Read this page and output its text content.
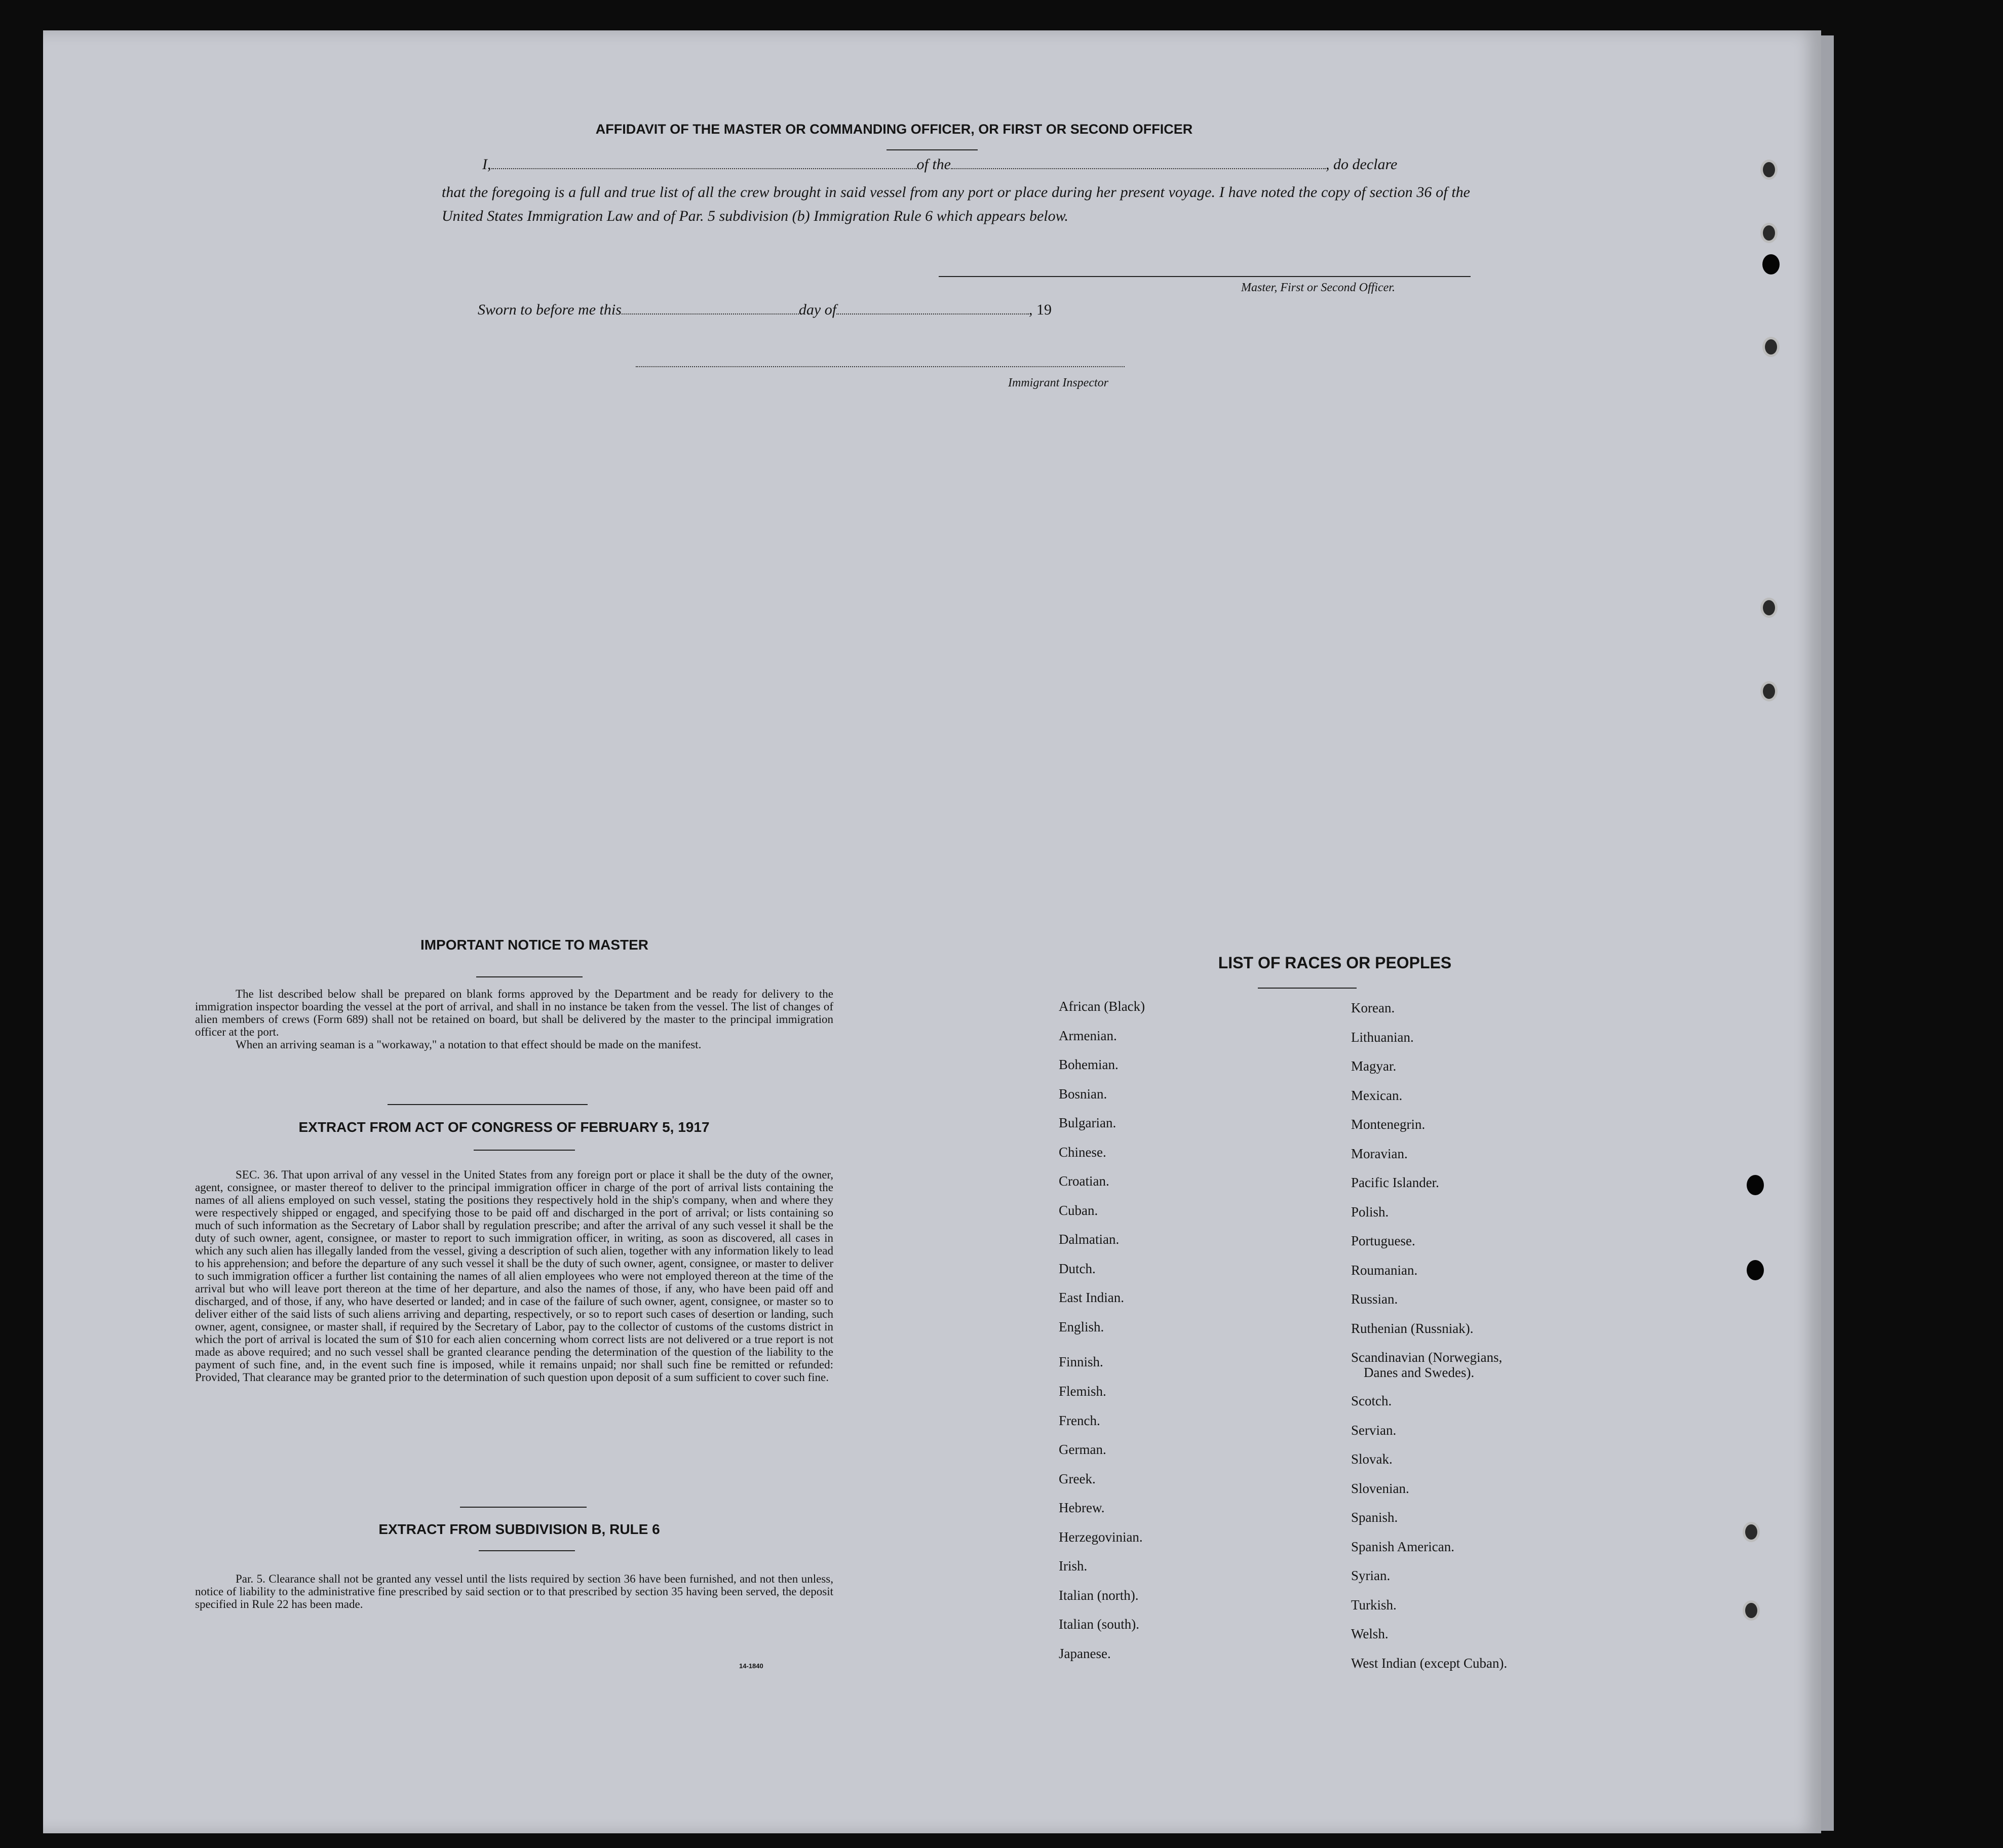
AFFIDAVIT OF THE MASTER OR COMMANDING OFFICER, OR FIRST OR SECOND OFFICER
I,	of the	, do declare
that the foregoing is a full and true list of all the crew brought in said vessel from any port or place during her present voyage. I have noted the copy of section 36 of the United States Immigration Law and of Par. 5 subdivision (b) Immigration Rule 6 which appears below.
Master, First or Second Officer.
Sworn to before me this	day of	, 19
Immigrant Inspector
IMPORTANT NOTICE TO MASTER

The list described below shall be prepared on blank forms approved by the Department and be ready for delivery to the immigration inspector boarding the vessel at the port of arrival, and shall in no instance be taken from the vessel. The list of changes of alien members of crews (Form 689) shall not be retained on board, but shall be delivered by the master to the principal immigration officer at the port.

When an arriving seaman is a "workaway," a notation to that effect should be made on the manifest.

EXTRACT FROM ACT OF CONGRESS OF FEBRUARY 5, 1917
SEC. 36. That upon arrival of any vessel in the United States from any foreign port or place it shall be the duty of the owner, agent, consignee, or master thereof to deliver to the principal immigration officer in charge of the port of arrival lists containing the names of all aliens employed on such vessel, stating the positions they respectively hold in the ship's company, when and where they were respectively shipped or engaged, and specifying those to be paid off and discharged in the port of arrival; or lists containing so much of such information as the Secretary of Labor shall by regulation prescribe; and after the arrival of any such vessel it shall be the duty of such owner, agent, consignee, or master to report to such immigration officer, in writing, as soon as discovered, all cases in which any such alien has illegally landed from the vessel, giving a description of such alien, together with any information likely to lead to his apprehension; and before the departure of any such vessel it shall be the duty of such owner, agent, consignee, or master to deliver to such immigration officer a further list containing the names of all alien employees who were not employed thereon at the time of the arrival but who will leave port thereon at the time of her departure, and also the names of those, if any, who have been paid off and discharged, and of those, if any, who have deserted or landed; and in case of the failure of such owner, agent, consignee, or master so to deliver either of the said lists of such aliens arriving and departing, respectively, or so to report such cases of desertion or landing, such owner, agent, consignee, or master shall, if required by the Secretary of Labor, pay to the collector of customs of the customs district in which the port of arrival is located the sum of $10 for each alien concerning whom correct lists are not delivered or a true report is not made as above required; and no such vessel shall be granted clearance pending the determination of the question of the liability to the payment of such fine, and, in the event such fine is imposed, while it remains unpaid; nor shall such fine be remitted or refunded: Provided, That clearance may be granted prior to the determination of such question upon deposit of a sum sufficient to cover such fine.
EXTRACT FROM SUBDIVISION B, RULE 6
Par. 5. Clearance shall not be granted any vessel until the lists required by section 36 have been furnished, and not then unless, notice of liability to the administrative fine prescribed by said section or to that prescribed by section 35 having been served, the deposit specified in Rule 22 has been made.
14-1840
LIST OF RACES OR PEOPLES
African (Black)
Armenian.
Bohemian.
Bosnian.
Bulgarian.
Chinese.
Croatian.
Cuban.
Dalmatian.
Dutch.
East Indian.
English.
Finnish.
Flemish.
French.
German.
Greek.
Hebrew.
Herzegovinian.
Irish.
Italian (north).
Italian (south).
Japanese.
Korean.
Lithuanian.
Magyar.
Mexican.
Montenegrin.
Moravian.
Pacific Islander.
Polish.
Portuguese.
Roumanian.
Russian.
Ruthenian (Russniak).
Scandinavian (Norwegians,
Danes and Swedes).
Scotch.
Servian.
Slovak.
Slovenian.
Spanish.
Spanish American.
Syrian.
Turkish.
Welsh.
West Indian (except Cuban).
